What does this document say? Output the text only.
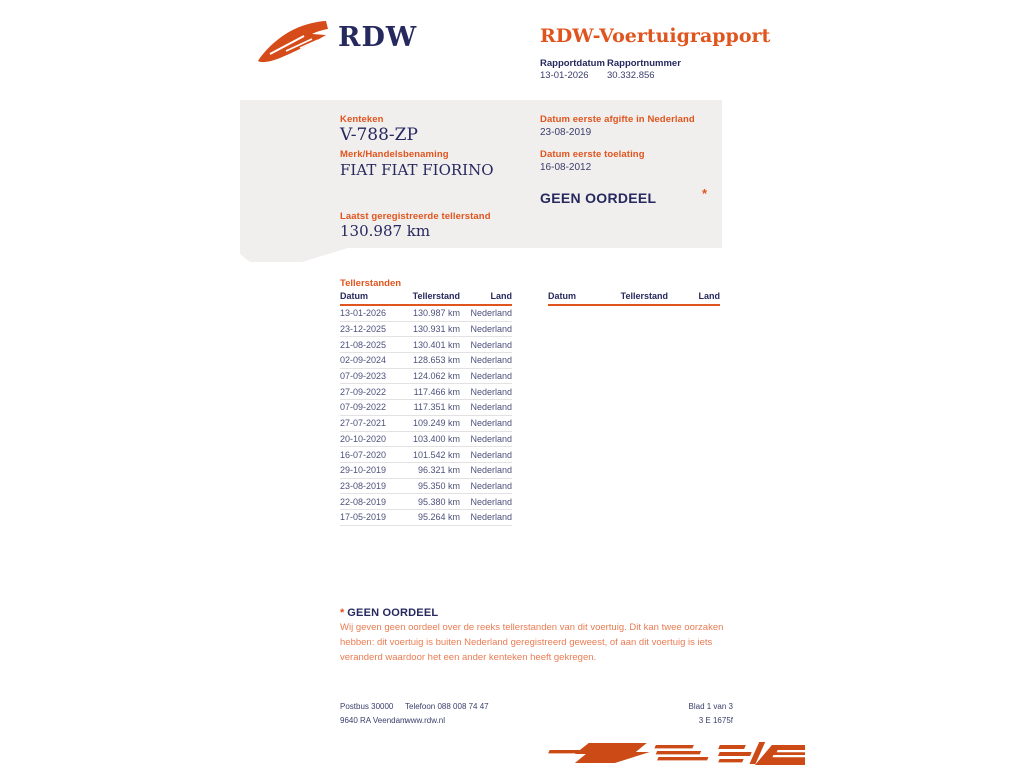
RDW	RDW-Voertuigrapport
Rapportdatum
13-01-2026
Rapportnummer
30.332.856
Kenteken
V-788-ZP
Merk/Handelsbenaming
FIAT FIAT FIORINO
Laatst geregistreerde tellerstand
130.987 km
Datum eerste afgifte in Nederland
23-08-2019
Datum eerste toelating
16-08-2012
GEEN OORDEEL	*
Tellerstanden
Datum	Tellerstand	Land
13-01-2026	130.987 km	Nederland
23-12-2025	130.931 km	Nederland
21-08-2025	130.401 km	Nederland
02-09-2024	128.653 km	Nederland
07-09-2023	124.062 km	Nederland
27-09-2022	117.466 km	Nederland
07-09-2022	117.351 km	Nederland
27-07-2021	109.249 km	Nederland
20-10-2020	103.400 km	Nederland
16-07-2020	101.542 km	Nederland
29-10-2019	96.321 km	Nederland
23-08-2019	95.350 km	Nederland
22-08-2019	95.380 km	Nederland
17-05-2019	95.264 km	Nederland
Datum	Tellerstand	Land
* GEEN OORDEEL
Wij geven geen oordeel over de reeks tellerstanden van dit voertuig. Dit kan twee oorzaken hebben: dit voertuig is buiten Nederland geregistreerd geweest, of aan dit voertuig is iets veranderd waardoor het een ander kenteken heeft gekregen.
Postbus 30000
9640 RA Veendam
Telefoon 088 008 74 47
www.rdw.nl
Blad 1 van 3
3 E 1675f
